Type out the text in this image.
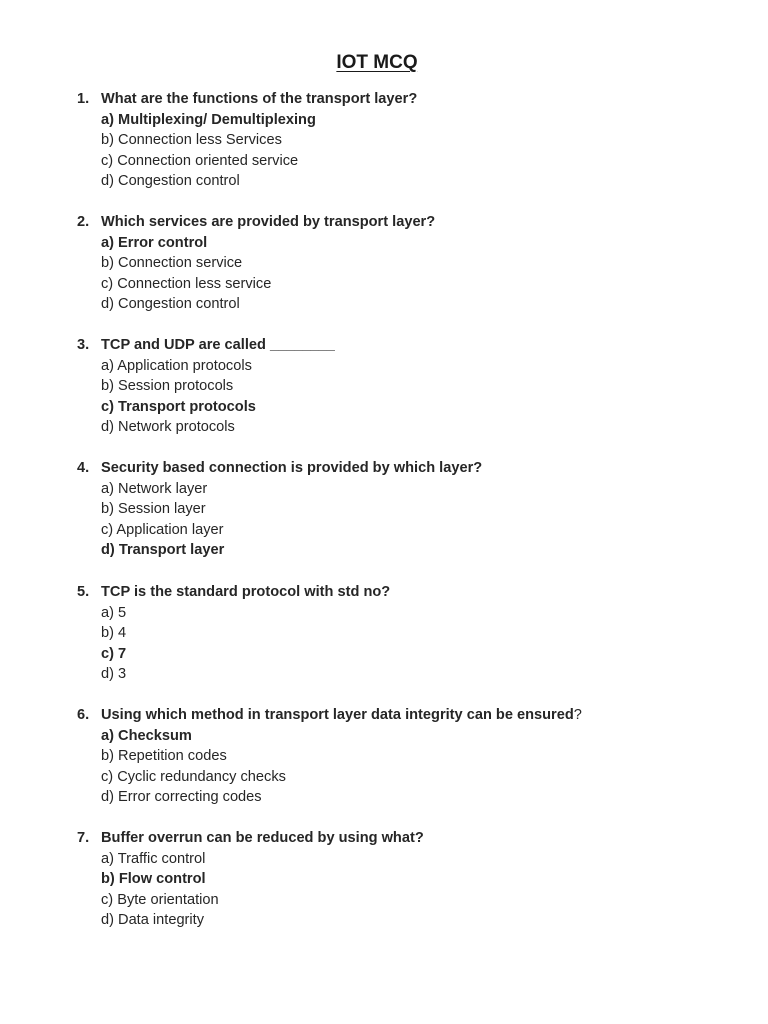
IOT MCQ
1. What are the functions of the transport layer?
a) Multiplexing/ Demultiplexing
b) Connection less Services
c) Connection oriented service
d) Congestion control
2. Which services are provided by transport layer?
a) Error control
b) Connection service
c) Connection less service
d) Congestion control
3. TCP and UDP are called ________
a) Application protocols
b) Session protocols
c) Transport protocols
d) Network protocols
4. Security based connection is provided by which layer?
a) Network layer
b) Session layer
c) Application layer
d) Transport layer
5. TCP is the standard protocol with std no?
a) 5
b) 4
c) 7
d) 3
6. Using which method in transport layer data integrity can be ensured?
a) Checksum
b) Repetition codes
c) Cyclic redundancy checks
d) Error correcting codes
7. Buffer overrun can be reduced by using what?
a) Traffic control
b) Flow control
c) Byte orientation
d) Data integrity
